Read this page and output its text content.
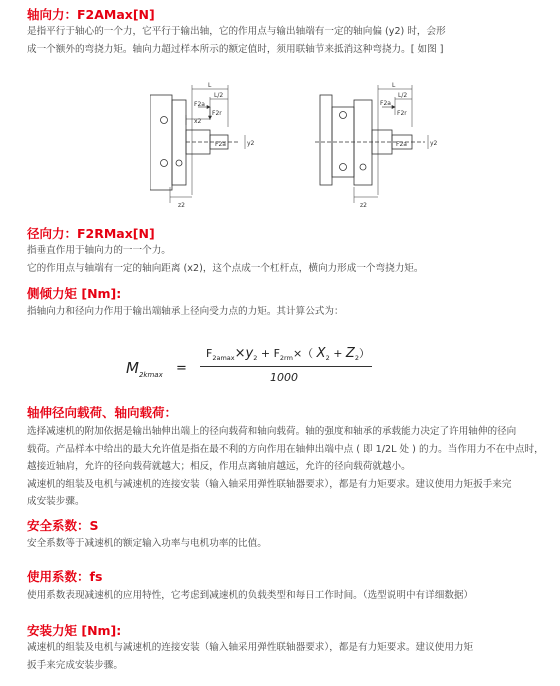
轴向力：F2AMax[N]
是指平行于轴心的一个力，它平行于输出轴，它的作用点与输出轴端有一定的轴向偏 (y2) 时，会形
成一个额外的弯挠力矩。轴向力超过样本所示的额定值时，须用联轴节来抵消这种弯挠力。[ 如图 ]
L
L/2
F2a
F2r
F2a	y2
z2
x2
L
L/2
F2a
F2r
F2a	y2
z2
径向力：F2RMax[N]
指垂直作用于轴向力的一一个力。
它的作用点与轴端有一定的轴向距离 (x2)，这个点成一个杠杆点，横向力形成一个弯挠力矩。
侧倾力矩 [Nm]:
指轴向力和径向力作用于输出端轴承上径向受力点的力矩。其计算公式为：
$M_{2kmax}$ =
$F_{2amax}\times y_2 + F_{2rm}\times$（ $X_2 + Z_2$）
1000
轴伸径向载荷、轴向载荷：
选择减速机的附加依据是输出轴伸出端上的径向载荷和轴向载荷。轴的强度和轴承的承载能力决定了许用轴伸的径向
载荷。产品样本中给出的最大允许值是指在最不利的方向作用在轴伸出端中点 ( 即 1/2L 处 ) 的力。当作用力不在中点时，
越接近轴肩，允许的径向载荷就越大；相反，作用点离轴肩越远，允许的径向载荷就越小。
减速机的组装及电机与减速机的连接安装（输入轴采用弹性联轴器要求），都是有力矩要求。建议使用力矩扳手来完
成安装步骤。
安全系数：S
安全系数等于减速机的额定输入功率与电机功率的比值。
使用系数：fs
使用系数表现减速机的应用特性，它考虑到减速机的负载类型和每日工作时间。（选型说明中有详细数据）
安装力矩 [Nm]:
减速机的组装及电机与减速机的连接安装（输入轴采用弹性联轴器要求），都是有力矩要求。建议使用力矩
扳手来完成安装步骤。
